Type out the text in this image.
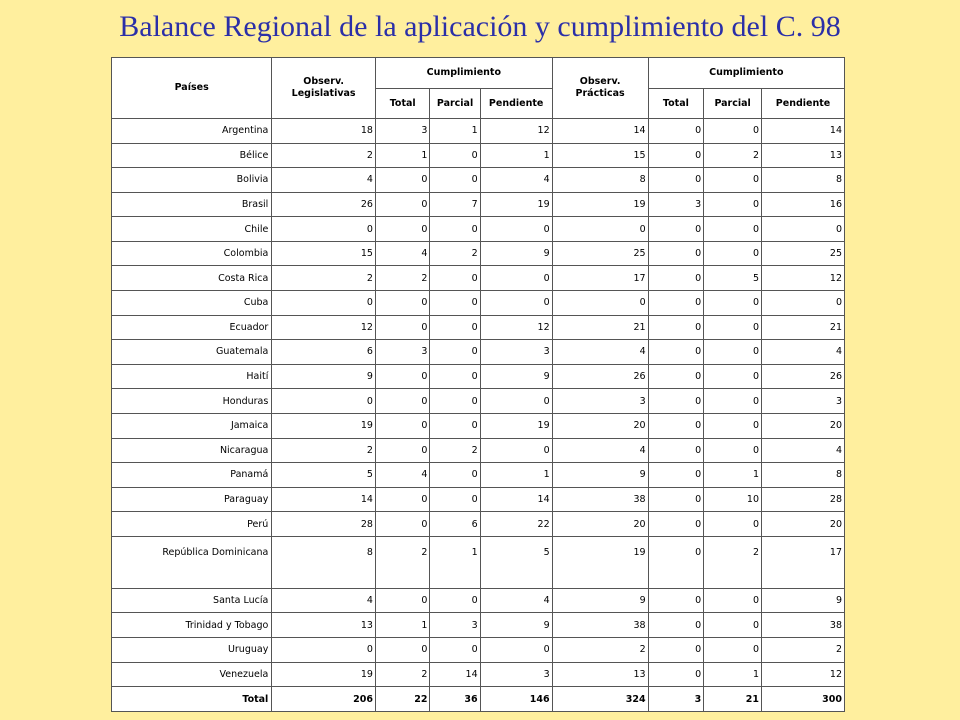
Balance Regional de la aplicación y cumplimiento del C. 98
Países	Observ. Legislativas	Cumplimiento			Observ. Prácticas	Cumplimiento		
		Total	Parcial	Pendiente		Total	Parcial	Pendiente
Argentina	18	3	1	12	14	0	0	14
Bélice	2	1	0	1	15	0	2	13
Bolivia	4	0	0	4	8	0	0	8
Brasil	26	0	7	19	19	3	0	16
Chile	0	0	0	0	0	0	0	0
Colombia	15	4	2	9	25	0	0	25
Costa Rica	2	2	0	0	17	0	5	12
Cuba	0	0	0	0	0	0	0	0
Ecuador	12	0	0	12	21	0	0	21
Guatemala	6	3	0	3	4	0	0	4
Haití	9	0	0	9	26	0	0	26
Honduras	0	0	0	0	3	0	0	3
Jamaica	19	0	0	19	20	0	0	20
Nicaragua	2	0	2	0	4	0	0	4
Panamá	5	4	0	1	9	0	1	8
Paraguay	14	0	0	14	38	0	10	28
Perú	28	0	6	22	20	0	0	20
República Dominicana	8	2	1	5	19	0	2	17
Santa Lucía	4	0	0	4	9	0	0	9
Trinidad y Tobago	13	1	3	9	38	0	0	38
Uruguay	0	0	0	0	2	0	0	2
Venezuela	19	2	14	3	13	0	1	12
Total	206	22	36	146	324	3	21	300
